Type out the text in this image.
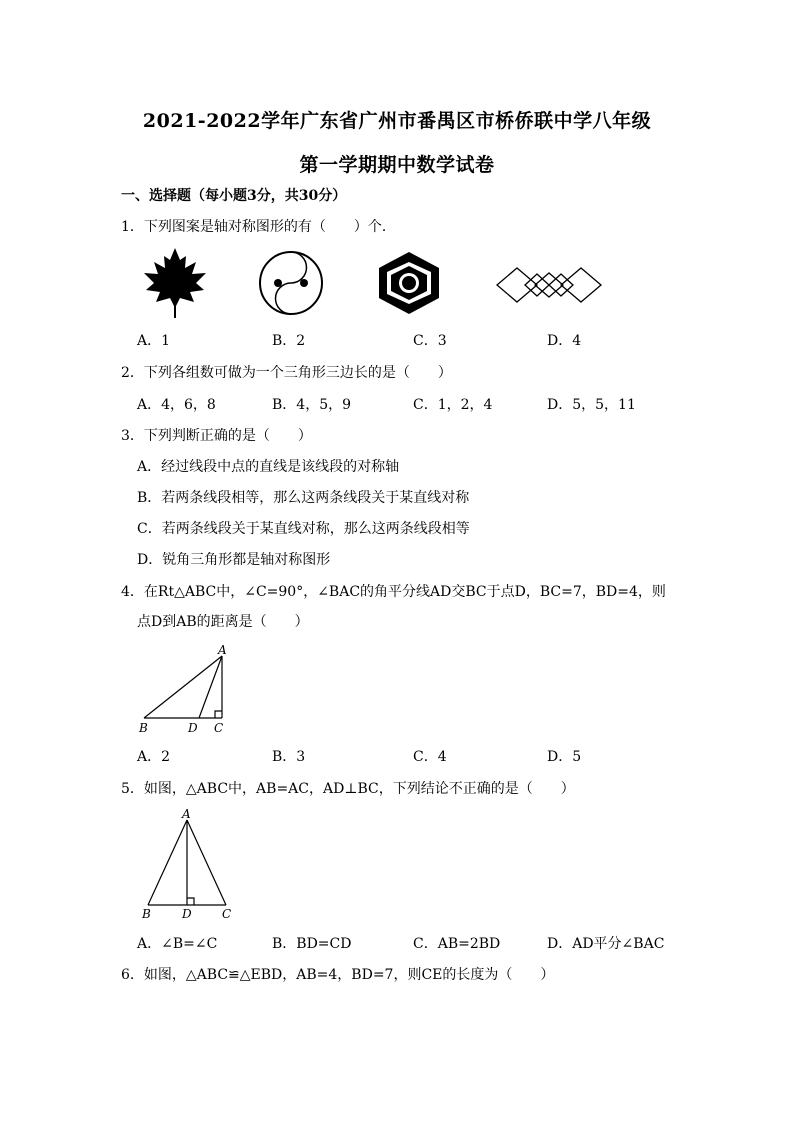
2021-2022学年广东省广州市番禺区市桥侨联中学八年级
第一学期期中数学试卷
一、选择题（每小题3分，共30分）
1．下列图案是轴对称图形的有（　　）个．
A．1	B．2	C．3	D．4
2．下列各组数可做为一个三角形三边长的是（　　）
A．4，6，8	B．4，5，9	C．1，2，4	D．5，5，11
3．下列判断正确的是（　　）
A．经过线段中点的直线是该线段的对称轴
B．若两条线段相等，那么这两条线段关于某直线对称
C．若两条线段关于某直线对称，那么这两条线段相等
D．锐角三角形都是轴对称图形
4．在Rt△ABC中，∠C=90°，∠BAC的角平分线AD交BC于点D，BC=7，BD=4，则
点D到AB的距离是（　　）
A
B	D C
A．2	B．3	C．4	D．5
5．如图，△ABC中，AB=AC，AD⊥BC，下列结论不正确的是（　　）
A
B	D	C
A．∠B=∠C	B．BD=CD	C．AB=2BD	D．AD平分∠BAC
6．如图，△ABC≌△EBD，AB=4，BD=7，则CE的长度为（　　）
